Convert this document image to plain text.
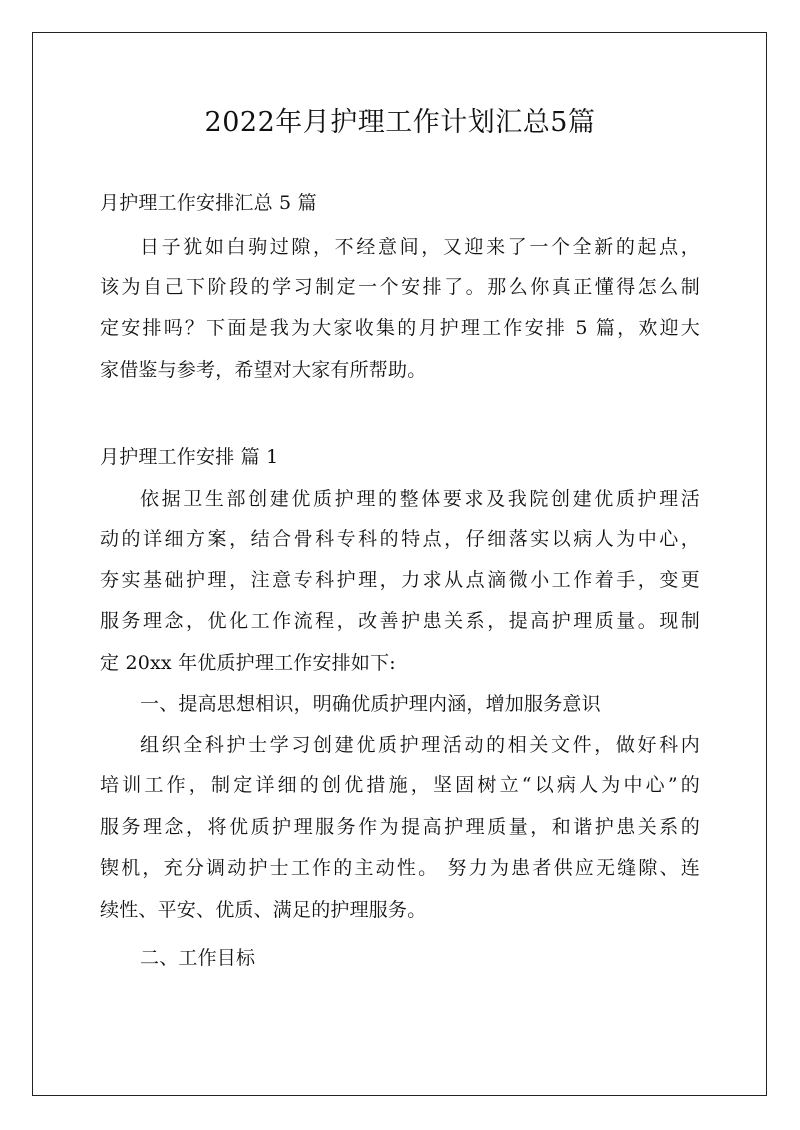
2022年月护理工作计划汇总5篇
月护理工作安排汇总 5 篇
日子犹如白驹过隙，不经意间，又迎来了一个全新的起点，
该为自己下阶段的学习制定一个安排了。那么你真正懂得怎么制
定安排吗？下面是我为大家收集的月护理工作安排 5 篇，欢迎大
家借鉴与参考，希望对大家有所帮助。
月护理工作安排 篇 1
依据卫生部创建优质护理的整体要求及我院创建优质护理活
动的详细方案，结合骨科专科的特点，仔细落实以病人为中心，
夯实基础护理，注意专科护理，力求从点滴微小工作着手，变更
服务理念，优化工作流程，改善护患关系，提高护理质量。现制
定 20xx 年优质护理工作安排如下:
一、提高思想相识，明确优质护理内涵，增加服务意识
组织全科护士学习创建优质护理活动的相关文件，做好科内
培训工作，制定详细的创优措施，坚固树立“以病人为中心”的
服务理念，将优质护理服务作为提高护理质量，和谐护患关系的
锲机，充分调动护士工作的主动性。 努力为患者供应无缝隙、连
续性、平安、优质、满足的护理服务。
二、工作目标
